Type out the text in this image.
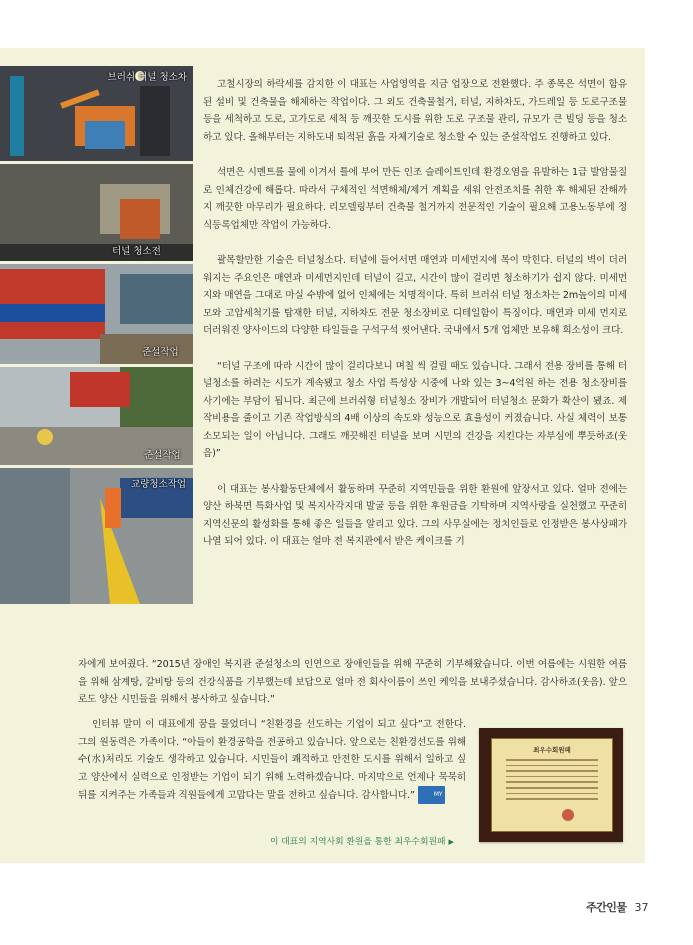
브러쉬 터널 청소차
터널 청소전
준설작업
준설작업
교량청소작업

고철시장의 하락세를 감지한 이 대표는 사업영역을 지금 업장으로 전환했다. 주 종목은 석면이 함유된 설비 및 건축물을 해체하는 작업이다. 그 외도 건축물철거, 터널, 지하차도, 가드레일 등 도로구조물 등을 세척하고 도로, 고가도로 세척 등 깨끗한 도시를 위한 도로 구조물 관리, 규모가 큰 빌딩 등을 청소하고 있다. 올해부터는 지하도내 퇴적된 흙을 자체기술로 청소할 수 있는 준설작업도 진행하고 있다.

석면은 시멘트를 물에 이겨서 틀에 부어 만든 인조 슬레이트인데 환경오염을 유발하는 1급 발암물질로 인체건강에 해롭다. 따라서 구체적인 석면해체/제거 계획을 세워 안전조치를 취한 후 해체된 잔해까지 깨끗한 마무리가 필요하다. 리모델링부터 건축물 철거까지 전문적인 기술이 필요해 고용노동부에 정식등록업체만 작업이 가능하다.

괄목할만한 기술은 터널청소다. 터널에 들어서면 매연과 미세먼지에 목이 막힌다. 터널의 벽이 더러워지는 주요인은 매연과 미세먼지인데 터널이 길고, 시간이 많이 걸리면 청소하기가 쉽지 않다. 미세먼지와 매연을 그대로 마실 수밖에 없어 인체에는 치명적이다. 특히 브러쉬 터널 청소차는 2m높이의 미세모와 고압세척기를 탑재한 터널, 지하차도 전문 청소장비로 디테일함이 특징이다. 매연과 미세 먼지로 더러워진 양사이드의 다양한 타일들을 구석구석 씻어낸다. 국내에서 5개 업체만 보유해 희소성이 크다.

“터널 구조에 따라 시간이 많이 걸리다보니 며칠 씩 걸릴 때도 있습니다. 그래서 전용 장비를 통해 터널청소를 하려는 시도가 계속됐고 청소 사업 특성상 시중에 나와 있는 3~4억원 하는 전용 청소장비를 사기에는 부담이 됩니다. 최근에 브러쉬형 터널청소 장비가 개발되어 터널청소 문화가 확산이 됐죠. 제작비용을 줄이고 기존 작업방식의 4배 이상의 속도와 성능으로 효율성이 커졌습니다. 사실 체력이 보통 소모되는 일이 아닙니다. 그래도 깨끗해진 터널을 보며 시민의 건강을 지킨다는 자부심에 뿌듯하죠(웃음)”

이 대표는 봉사활동단체에서 활동하며 꾸준히 지역민들을 위한 환원에 앞장서고 있다. 얼마 전에는 양산 하북면 특화사업 및 복지사각지대 발굴 등을 위한 후원금을 기탁하며 지역사랑을 실천했고 꾸준히 지역신문의 활성화를 통해 좋은 일들을 알리고 있다. 그의 사무실에는 정치인들로 인정받은 봉사상패가 나열 되어 있다. 이 대표는 얼마 전 복지관에서 받은 케이크를 기

자에게 보여줬다. “2015년 장애인 복지관 준설청소의 인연으로 장애인들을 위해 꾸준히 기부해왔습니다. 이번 여름에는 시원한 여름을 위해 삼계탕, 갈비탕 등의 건강식품을 기부했는데 보답으로 얼마 전 회사이름이 쓰인 케익을 보내주셨습니다. 감사하죠(웃음). 앞으로도 양산 시민들을 위해서 봉사하고 싶습니다.”

인터뷰 말미 이 대표에게 꿈을 물었더니 “친환경을 선도하는 기업이 되고 싶다”고 전한다. 그의 원동력은 가족이다. “아들이 환경공학을 전공하고 있습니다. 앞으로는 친환경선도를 위해 수(水)처리도 기술도 생각하고 있습니다. 시민들이 쾌적하고 안전한 도시를 위해서 일하고 싶고 양산에서 실력으로 인정받는 기업이 되기 위해 노력하겠습니다. 마지막으로 언제나 묵묵히 뒤를 지켜주는 가족들과 직원들에게 고맙다는 말을 전하고 싶습니다. 감사합니다.”	MY

최우수회원패
이 대표의 지역사회 환원을 통한 최우수회원패 ▶
주간인물 37
